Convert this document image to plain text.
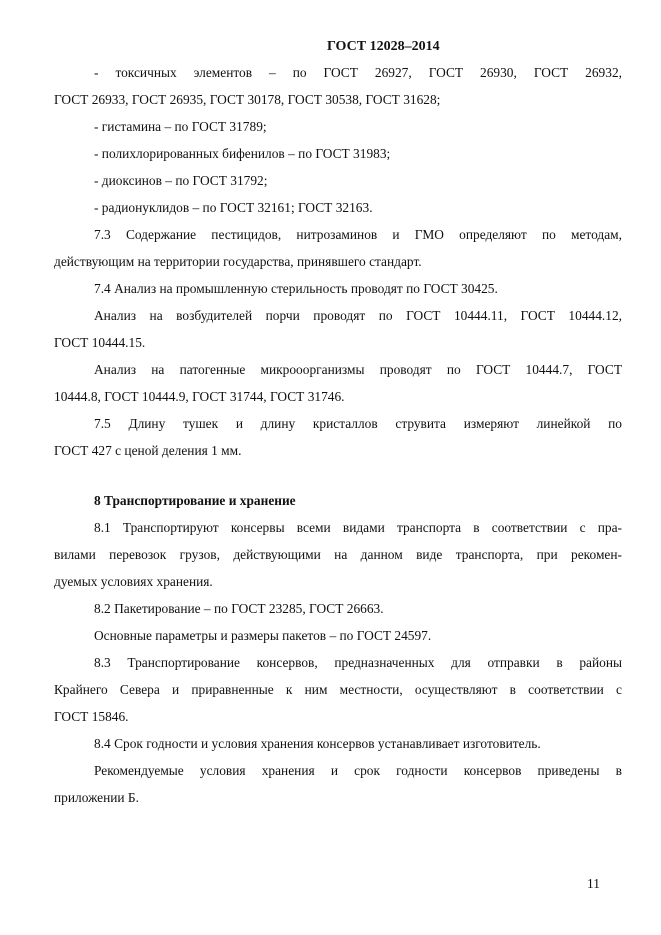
ГОСТ 12028–2014
- токсичных элементов – по ГОСТ 26927, ГОСТ 26930, ГОСТ 26932,
ГОСТ 26933, ГОСТ 26935, ГОСТ 30178, ГОСТ 30538, ГОСТ 31628;
- гистамина – по ГОСТ 31789;
- полихлорированных бифенилов – по ГОСТ 31983;
- диоксинов – по ГОСТ 31792;
- радионуклидов – по ГОСТ 32161; ГОСТ 32163.
7.3 Содержание пестицидов, нитрозаминов и ГМО определяют по методам,
действующим на территории государства, принявшего стандарт.
7.4 Анализ на промышленную стерильность проводят по ГОСТ 30425.
Анализ на возбудителей порчи проводят по ГОСТ 10444.11, ГОСТ 10444.12,
ГОСТ 10444.15.
Анализ на патогенные микрооорганизмы проводят по ГОСТ 10444.7, ГОСТ
10444.8, ГОСТ 10444.9, ГОСТ 31744, ГОСТ 31746.
7.5 Длину тушек и длину кристаллов струвита измеряют линейкой по
ГОСТ 427 с ценой деления 1 мм.
8 Транспортирование и хранение
8.1 Транспортируют консервы всеми видами транспорта в соответствии с пра-
вилами перевозок грузов, действующими на данном виде транспорта, при рекомен-
дуемых условиях хранения.
8.2 Пакетирование – по ГОСТ 23285, ГОСТ 26663.
Основные параметры и размеры пакетов – по ГОСТ 24597.
8.3 Транспортирование консервов, предназначенных для отправки в районы
Крайнего Севера и приравненные к ним местности, осуществляют в соответствии с
ГОСТ 15846.
8.4 Срок годности и условия хранения консервов устанавливает изготовитель.
Рекомендуемые условия хранения и срок годности консервов приведены в
приложении Б.
11
